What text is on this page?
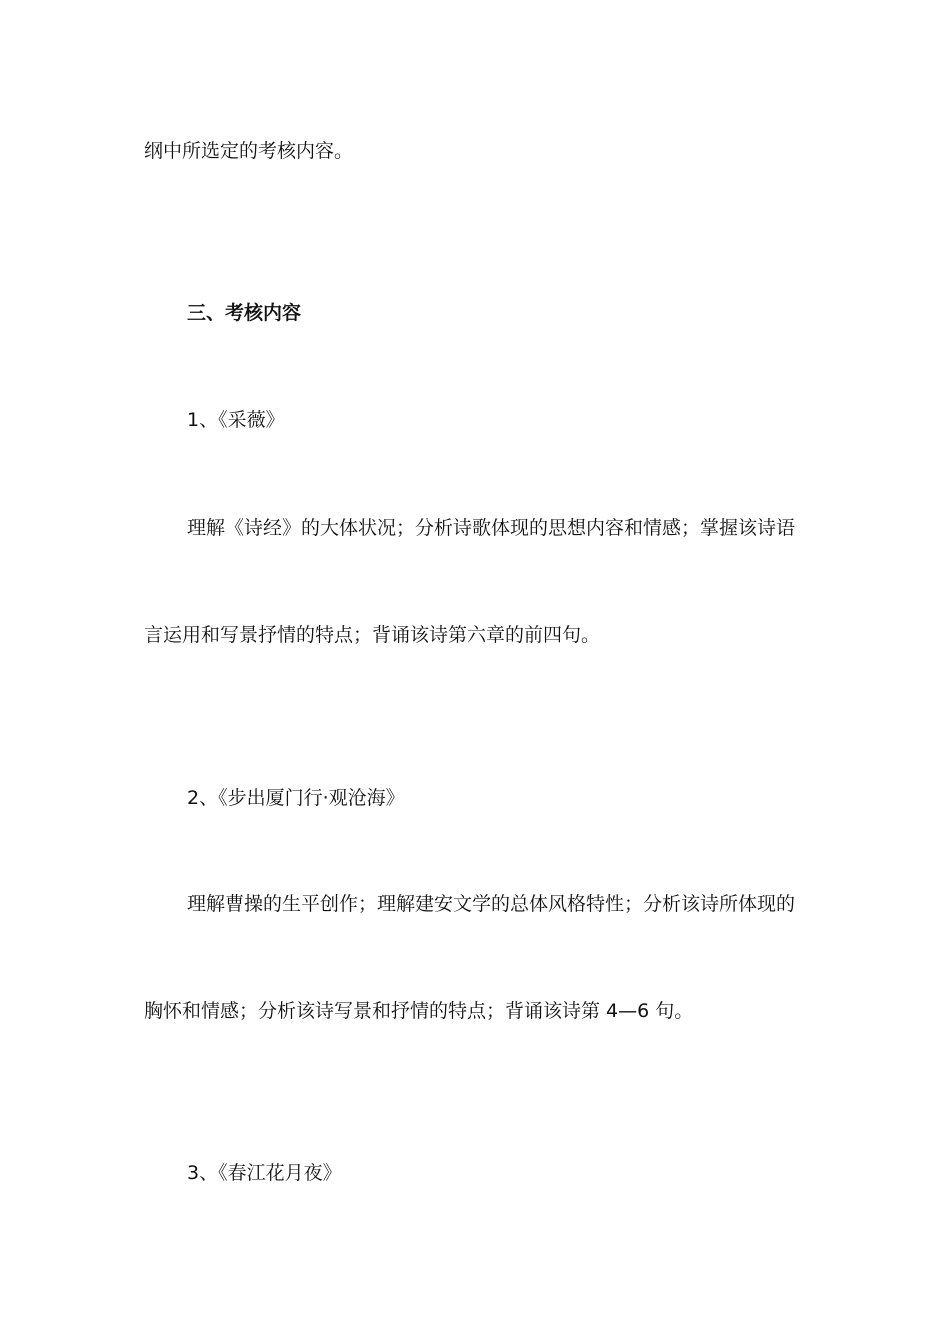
纲中所选定的考核内容。
三、考核内容
1、《采薇》
理解《诗经》的大体状况；分析诗歌体现的思想内容和情感；掌握该诗语
言运用和写景抒情的特点；背诵该诗第六章的前四句。
2、《步出厦门行·观沧海》
理解曹操的生平创作；理解建安文学的总体风格特性；分析该诗所体现的
胸怀和情感；分析该诗写景和抒情的特点；背诵该诗第 4—6 句。
3、《春江花月夜》
